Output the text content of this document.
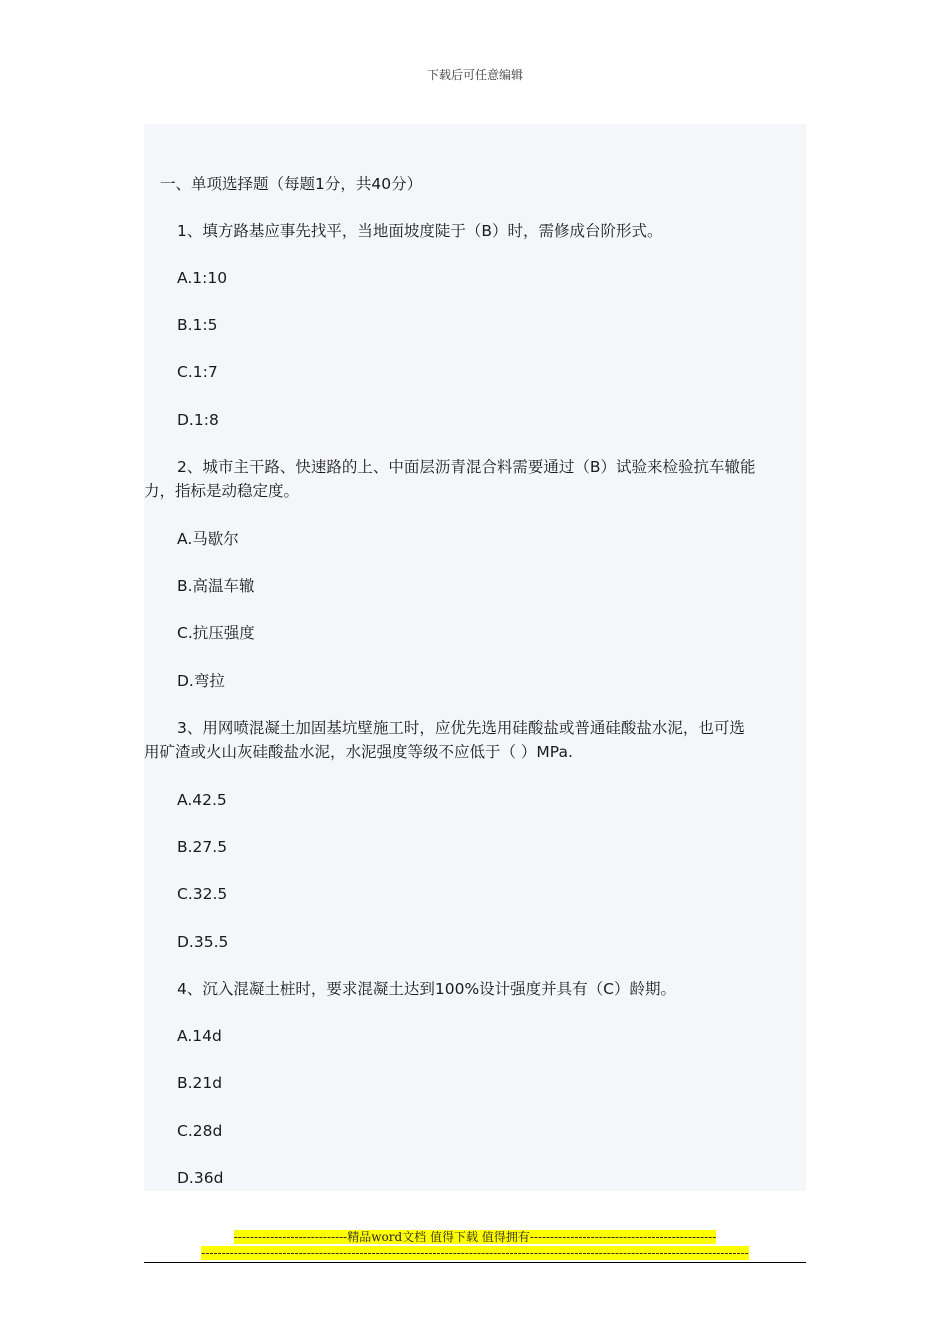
下载后可任意编辑
一、单项选择题（每题1分，共40分）
1、填方路基应事先找平，当地面坡度陡于（B）时，需修成台阶形式。
A.1:10
B.1:5
C.1:7
D.1:8
2、城市主干路、快速路的上、中面层沥青混合料需要通过（B）试验来检验抗车辙能
力，指标是动稳定度。
A.马歇尔
B.高温车辙
C.抗压强度
D.弯拉
3、用网喷混凝土加固基坑壁施工时，应优先选用硅酸盐或普通硅酸盐水泥，也可选
用矿渣或火山灰硅酸盐水泥，水泥强度等级不应低于（ ）MPa.
A.42.5
B.27.5
C.32.5
D.35.5
4、沉入混凝土桩时，要求混凝土达到100%设计强度并具有（C）龄期。
A.14d
B.21d
C.28d
D.36d
----------------------------精品word文档 值得下载 值得拥有----------------------------------------------
---------------------------------------------------------------------------------------------------------------------------------------
